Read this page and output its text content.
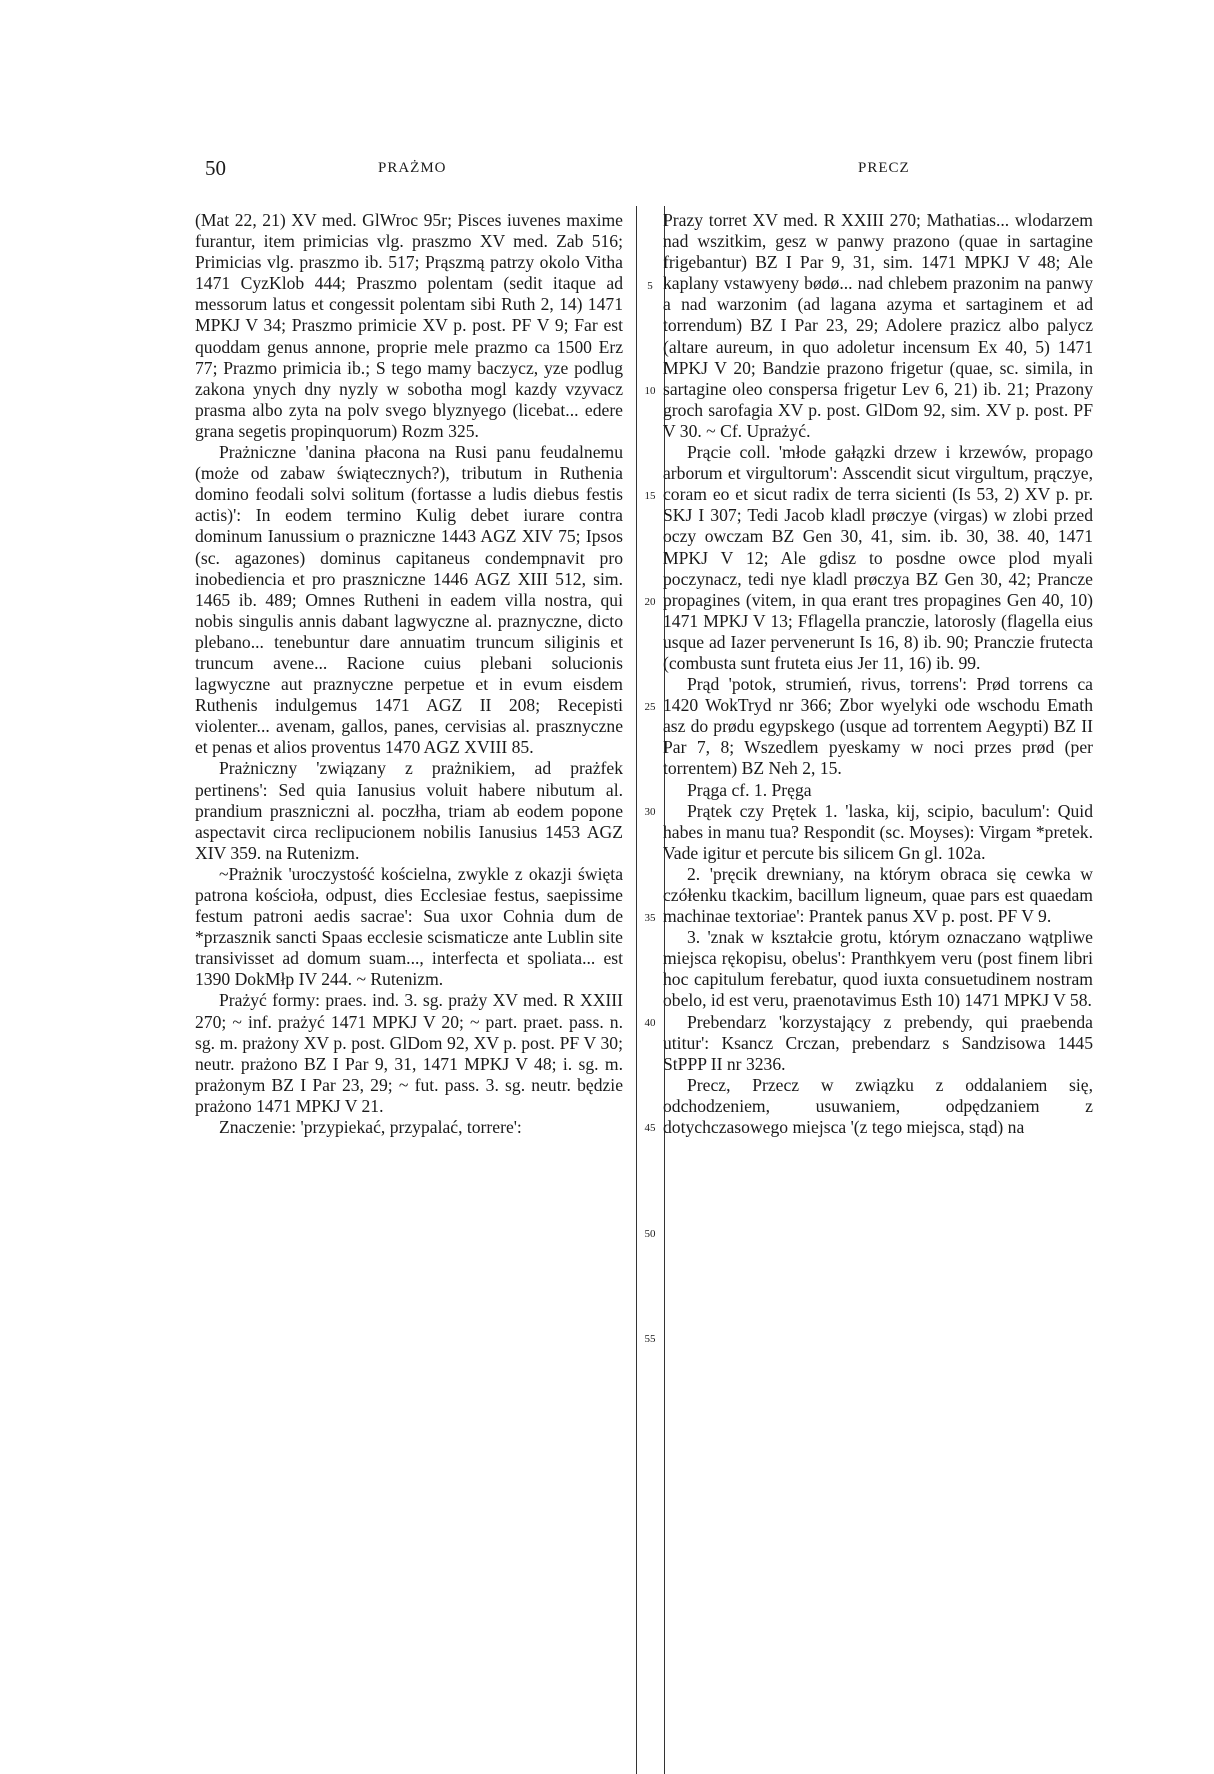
50	PRAŻMO	PRECZ
5
10
15
20
25
30
35
40
45
50
55

(Mat 22, 21) XV med. GlWroc 95r; Pisces iuvenes maxime furantur, item primicias vlg. praszmo XV med. Zab 516; Primicias vlg. praszmo ib. 517; Prąszmą patrzy okolo Vitha 1471 CyzKlob 444; Praszmo polentam (sedit itaque ad messorum latus et congessit polentam sibi Ruth 2, 14) 1471 MPKJ V 34; Praszmo primicie XV p. post. PF V 9; Far est quoddam genus annone, proprie mele prazmo ca 1500 Erz 77; Prazmo primicia ib.; S tego mamy baczycz, yze podlug zakona ynych dny nyzly w sobotha mogl kazdy vzyvacz prasma albo zyta na polv svego blyznyego (licebat... edere grana segetis propinquorum) Rozm 325.

Prażniczne 'danina płacona na Rusi panu feudalnemu (może od zabaw świątecznych?), tributum in Ruthenia domino feodali solvi solitum (fortasse a ludis diebus festis actis)': In eodem termino Kulig debet iurare contra dominum Ianussium o prazniczne 1443 AGZ XIV 75; Ipsos (sc. agazones) dominus capitaneus condempnavit pro inobediencia et pro praszniczne 1446 AGZ XIII 512, sim. 1465 ib. 489; Omnes Rutheni in eadem villa nostra, qui nobis singulis annis dabant lagwyczne al. praznyczne, dicto plebano... tenebuntur dare annuatim truncum siliginis et truncum avene... Racione cuius plebani solucionis lagwyczne aut praznyczne perpetue et in evum eisdem Ruthenis indulgemus 1471 AGZ II 208; Recepisti violenter... avenam, gallos, panes, cervisias al. prasznyczne et penas et alios proventus 1470 AGZ XVIII 85.

Prażniczny 'związany z prażnikiem, ad prażfek pertinens': Sed quia Ianusius voluit habere nibutum al. prandium praszniczni al. poczłha, triam ab eodem popone aspectavit circa reclipucionem nobilis Ianusius 1453 AGZ XIV 359. na Rutenizm.

~Prażnik 'uroczystość kościelna, zwykle z okazji święta patrona kościoła, odpust, dies Ecclesiae festus, saepissime festum patroni aedis sacrae': Sua uxor Cohnia dum de *przasznik sancti Spaas ecclesie scismaticze ante Lublin site transivisset ad domum suam..., interfecta et spoliata... est 1390 DokMłp IV 244. ~ Rutenizm.

Prażyć formy: praes. ind. 3. sg. praży XV med. R XXIII 270; ~ inf. prażyć 1471 MPKJ V 20; ~ part. praet. pass. n. sg. m. prażony XV p. post. GlDom 92, XV p. post. PF V 30; neutr. prażono BZ I Par 9, 31, 1471 MPKJ V 48; i. sg. m. prażonym BZ I Par 23, 29; ~ fut. pass. 3. sg. neutr. będzie prażono 1471 MPKJ V 21.

Znaczenie: 'przypiekać, przypalać, torrere':

Prazy torret XV med. R XXIII 270; Mathatias... wlodarzem nad wszitkim, gesz w panwy prazono (quae in sartagine frigebantur) BZ I Par 9, 31, sim. 1471 MPKJ V 48; Ale kaplany vstawyeny bødø... nad chlebem prazonim na panwy a nad warzonim (ad lagana azyma et sartaginem et ad torrendum) BZ I Par 23, 29; Adolere prazicz albo palycz (altare aureum, in quo adoletur incensum Ex 40, 5) 1471 MPKJ V 20; Bandzie prazono frigetur (quae, sc. simila, in sartagine oleo conspersa frigetur Lev 6, 21) ib. 21; Prazony groch sarofagia XV p. post. GlDom 92, sim. XV p. post. PF V 30. ~ Cf. Uprażyć.

Prącie coll. 'młode gałązki drzew i krzewów, propago arborum et virgultorum': Asscendit sicut virgultum, prączye, coram eo et sicut radix de terra sicienti (Is 53, 2) XV p. pr. SKJ I 307; Tedi Jacob kladl prøczye (virgas) w zlobi przed oczy owczam BZ Gen 30, 41, sim. ib. 30, 38. 40, 1471 MPKJ V 12; Ale gdisz to posdne owce plod myali poczynacz, tedi nye kladl prøczya BZ Gen 30, 42; Prancze propagines (vitem, in qua erant tres propagines Gen 40, 10) 1471 MPKJ V 13; Fflagella pranczie, latorosly (flagella eius usque ad Iazer pervenerunt Is 16, 8) ib. 90; Pranczie frutecta (combusta sunt fruteta eius Jer 11, 16) ib. 99.

Prąd 'potok, strumień, rivus, torrens': Prød torrens ca 1420 WokTryd nr 366; Zbor wyelyki ode wschodu Emath asz do prødu egypskego (usque ad torrentem Aegypti) BZ II Par 7, 8; Wszedlem pyeskamy w noci przes prød (per torrentem) BZ Neh 2, 15.

Prąga cf. 1. Pręga

Prątek czy Prętek 1. 'laska, kij, scipio, baculum': Quid habes in manu tua? Respondit (sc. Moyses): Virgam *pretek. Vade igitur et percute bis silicem Gn gl. 102a.

2. 'pręcik drewniany, na którym obraca się cewka w czółenku tkackim, bacillum ligneum, quae pars est quaedam machinae textoriae': Prantek panus XV p. post. PF V 9.

3. 'znak w kształcie grotu, którym oznaczano wątpliwe miejsca rękopisu, obelus': Pranthkyem veru (post finem libri hoc capitulum ferebatur, quod iuxta consuetudinem nostram obelo, id est veru, praenotavimus Esth 10) 1471 MPKJ V 58.

Prebendarz 'korzystający z prebendy, qui praebenda utitur': Ksancz Crczan, prebendarz s Sandzisowa 1445 StPPP II nr 3236.

Precz, Przecz w związku z oddalaniem się, odchodzeniem, usuwaniem, odpędzaniem z dotychczasowego miejsca '(z tego miejsca, stąd) na
